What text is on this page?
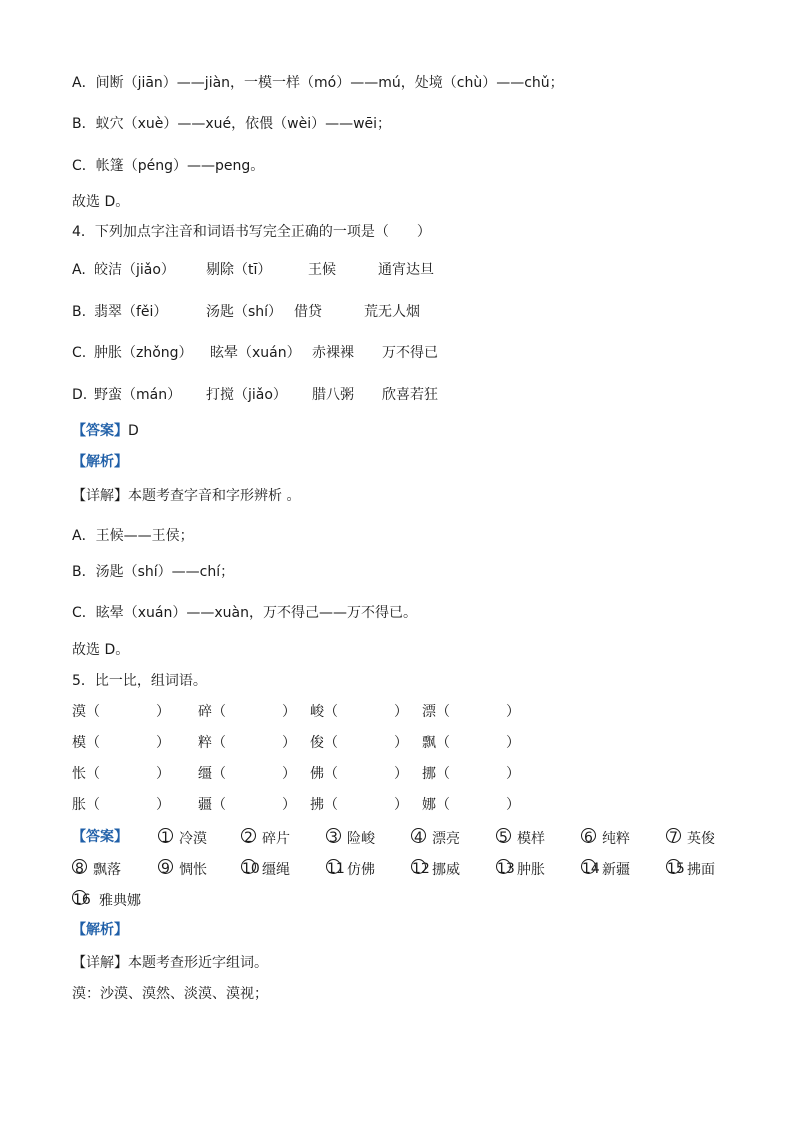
A．间断（jiān）——jiàn，一模一样（mó）——mú，处境（chù）——chǔ；
B．蚁穴（xuè）——xué，依偎（wèi）——wēi；
C．帐篷（péng）——peng。
故选 D。
4．下列加点字注音和词语书写完全正确的一项是（　　）
A. 皎洁（jiǎo） 剔除（tī）	王候	通宵达旦
B. 翡翠（fěi）	汤匙（shí） 借贷	荒无人烟
C. 肿胀（zhǒng） 眩晕（xuán） 赤裸裸 万不得已
D. 野蛮（mán） 打搅（jiǎo） 腊八粥 欣喜若狂
【答案】D
【解析】
【详解】本题考查字音和字形辨析 。
A．王候——王侯；
B．汤匙（shí）——chí；
C．眩晕（xuán）——xuàn，万不得己——万不得已。
故选 D。
5．比一比，组词语。
漠（　　　　） 碎（　　　　） 峻（　　　　） 漂（　　　　）
模（　　　　） 粹（　　　　） 俊（　　　　） 飘（　　　　）
怅（　　　　） 缰（　　　　） 佛（　　　　） 挪（　　　　）
胀（　　　　） 疆（　　　　） 拂（　　　　） 娜（　　　　）
【答案】 1 冷漠	2 碎片	3 险峻	4 漂亮	5 模样	6 纯粹	7 英俊
8 飘落	9 惆怅	10 缰绳	11 仿佛	12 挪威	13 肿胀	14 新疆	15 拂面
16 雅典娜
【解析】
【详解】本题考查形近字组词。
漠：沙漠、漠然、淡漠、漠视；
